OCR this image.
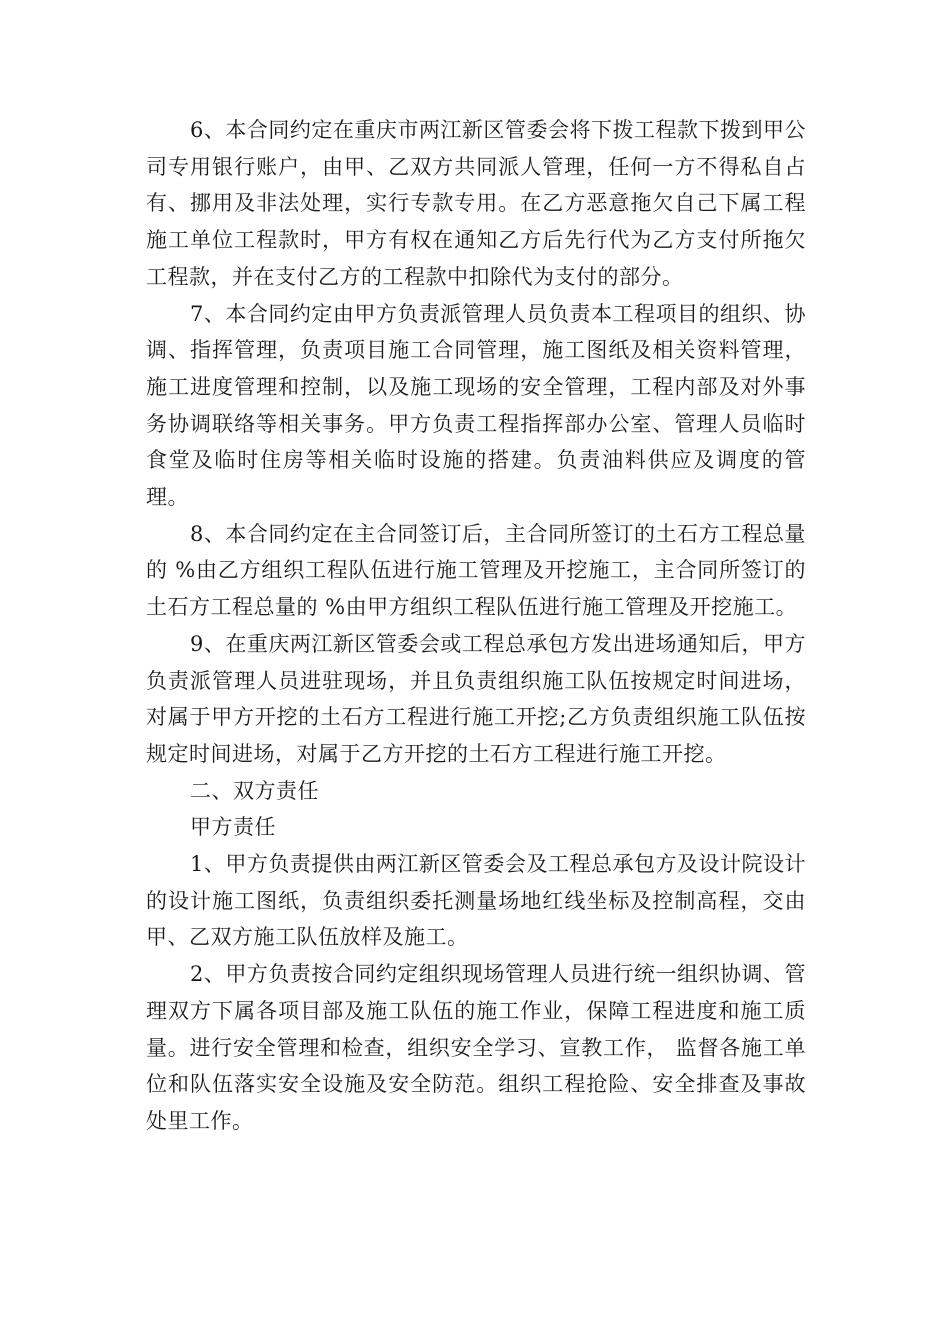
6、本合同约定在重庆市两江新区管委会将下拨工程款下拨到甲公司专用银行账户，由甲、乙双方共同派人管理，任何一方不得私自占有、挪用及非法处理，实行专款专用。在乙方恶意拖欠自己下属工程施工单位工程款时，甲方有权在通知乙方后先行代为乙方支付所拖欠工程款，并在支付乙方的工程款中扣除代为支付的部分。

7、本合同约定由甲方负责派管理人员负责本工程项目的组织、协调、指挥管理，负责项目施工合同管理，施工图纸及相关资料管理，施工进度管理和控制，以及施工现场的安全管理，工程内部及对外事务协调联络等相关事务。甲方负责工程指挥部办公室、管理人员临时食堂及临时住房等相关临时设施的搭建。负责油料供应及调度的管理。

8、本合同约定在主合同签订后，主合同所签订的土石方工程总量的 %由乙方组织工程队伍进行施工管理及开挖施工，主合同所签订的土石方工程总量的 %由甲方组织工程队伍进行施工管理及开挖施工。

9、在重庆两江新区管委会或工程总承包方发出进场通知后，甲方负责派管理人员进驻现场，并且负责组织施工队伍按规定时间进场，对属于甲方开挖的土石方工程进行施工开挖;乙方负责组织施工队伍按规定时间进场，对属于乙方开挖的土石方工程进行施工开挖。

二、双方责任

甲方责任

1、甲方负责提供由两江新区管委会及工程总承包方及设计院设计的设计施工图纸，负责组织委托测量场地红线坐标及控制高程，交由甲、乙双方施工队伍放样及施工。

2、甲方负责按合同约定组织现场管理人员进行统一组织协调、管理双方下属各项目部及施工队伍的施工作业，保障工程进度和施工质量。进行安全管理和检查，组织安全学习、宣教工作， 监督各施工单位和队伍落实安全设施及安全防范。组织工程抢险、安全排查及事故处里工作。
